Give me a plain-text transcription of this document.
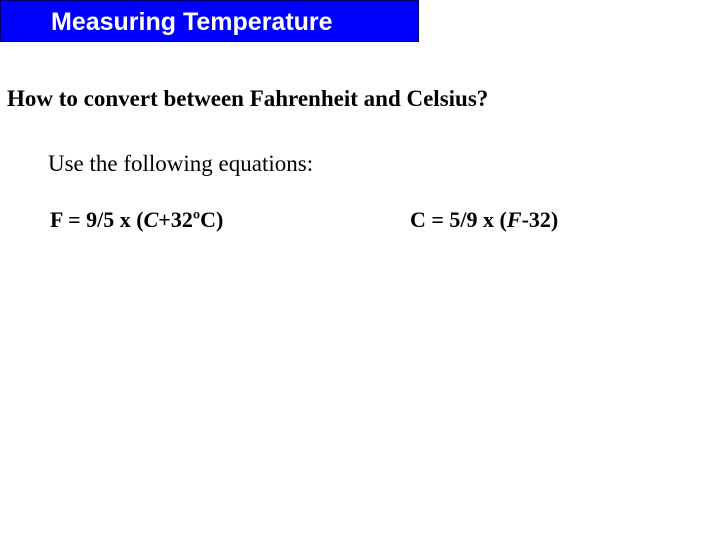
Measuring Temperature
How to convert between Fahrenheit and Celsius?
Use the following equations:
F = 9/5 x (C+32ºC)	C = 5/9 x (F-32)
